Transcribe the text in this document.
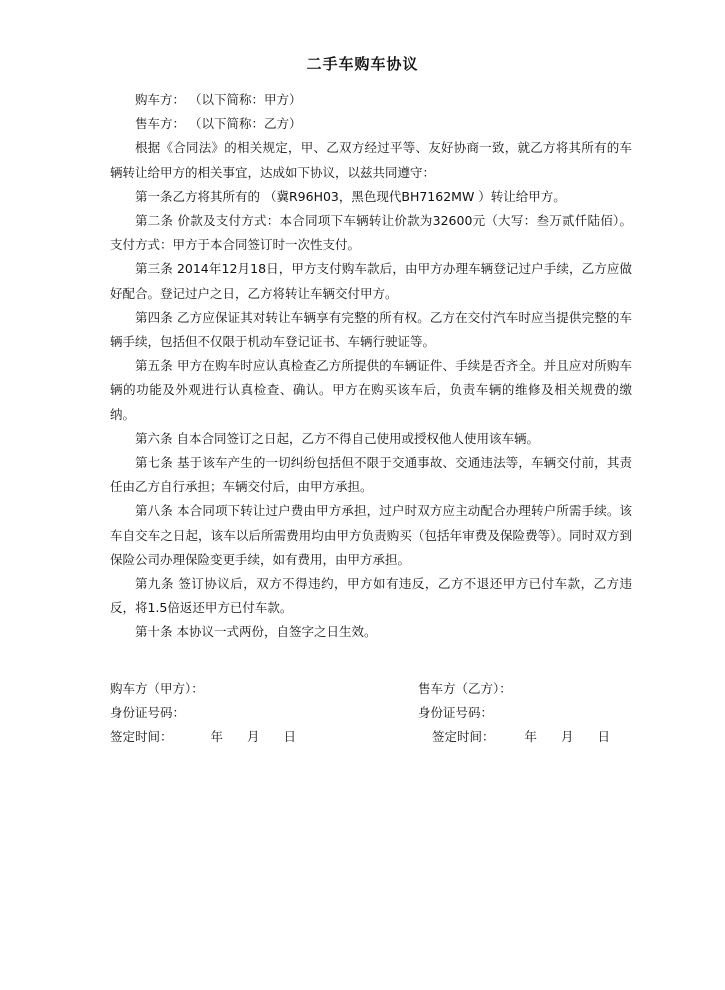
二手车购车协议

购车方： （以下简称：甲方）

售车方： （以下简称：乙方）

根据《合同法》的相关规定，甲、乙双方经过平等、友好协商一致，就乙方将其所有的车辆转让给甲方的相关事宜，达成如下协议，以兹共同遵守：

第一条乙方将其所有的 （冀R96H03，黑色现代BH7162MW ）转让给甲方。

第二条 价款及支付方式：本合同项下车辆转让价款为32600元（大写：叁万贰仟陆佰）。支付方式：甲方于本合同签订时一次性支付。

第三条 2014年12月18日，甲方支付购车款后，由甲方办理车辆登记过户手续，乙方应做好配合。登记过户之日，乙方将转让车辆交付甲方。

第四条 乙方应保证其对转让车辆享有完整的所有权。乙方在交付汽车时应当提供完整的车辆手续，包括但不仅限于机动车登记证书、车辆行驶证等。

第五条 甲方在购车时应认真检查乙方所提供的车辆证件、手续是否齐全。并且应对所购车辆的功能及外观进行认真检查、确认。甲方在购买该车后，负责车辆的维修及相关规费的缴纳。

第六条 自本合同签订之日起，乙方不得自己使用或授权他人使用该车辆。

第七条 基于该车产生的一切纠纷包括但不限于交通事故、交通违法等，车辆交付前，其责任由乙方自行承担；车辆交付后，由甲方承担。

第八条 本合同项下转让过户费由甲方承担，过户时双方应主动配合办理转户所需手续。该车自交车之日起，该车以后所需费用均由甲方负责购买（包括年审费及保险费等）。同时双方到保险公司办理保险变更手续，如有费用，由甲方承担。

第九条 签订协议后，双方不得违约，甲方如有违反，乙方不退还甲方已付车款，乙方违反，将1.5倍返还甲方已付车款。

第十条 本协议一式两份，自签字之日生效。

购车方（甲方）：
身份证号码：
签定时间：	年 月 日
售车方（乙方）：
身份证号码：
签定时间： 年 月 日
